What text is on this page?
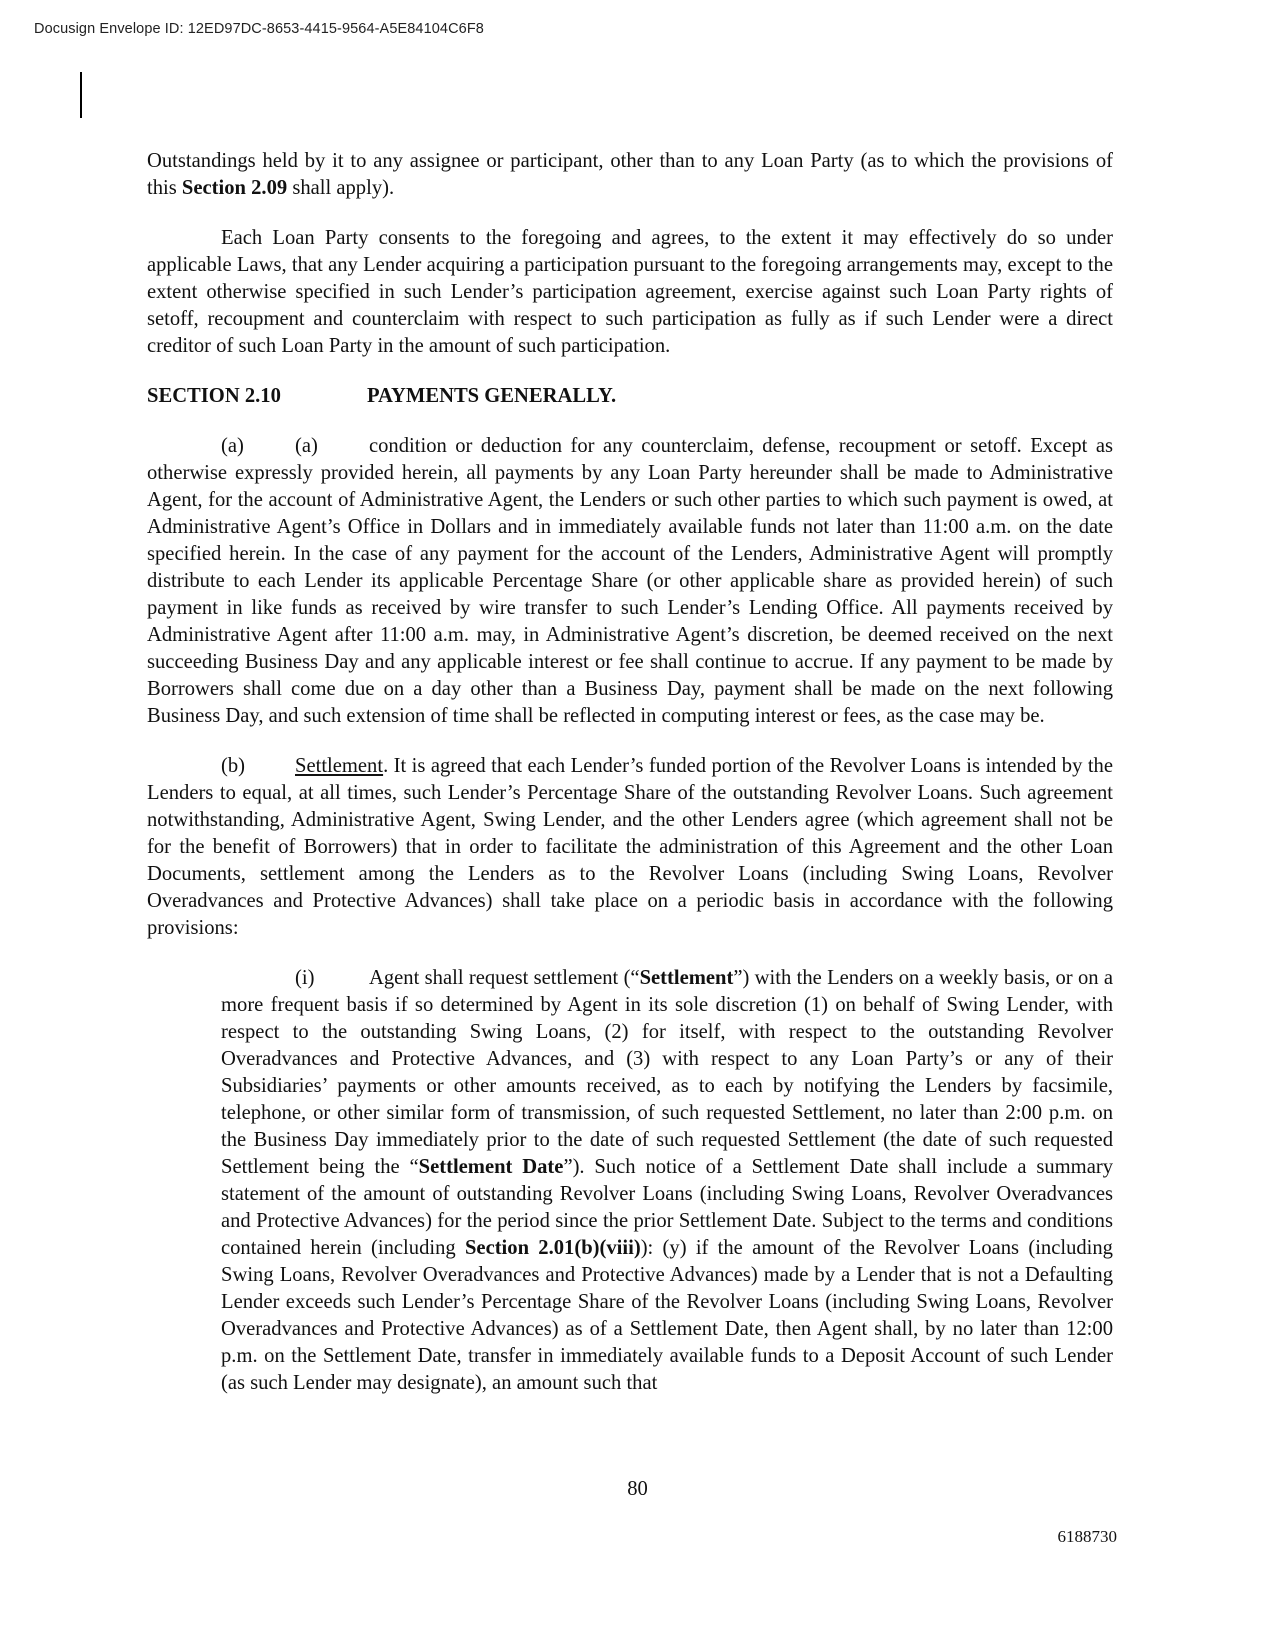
Docusign Envelope ID: 12ED97DC-8653-4415-9564-A5E84104C6F8

Outstandings held by it to any assignee or participant, other than to any Loan Party (as to which the provisions of this Section 2.09 shall apply).

Each Loan Party consents to the foregoing and agrees, to the extent it may effectively do so under applicable Laws, that any Lender acquiring a participation pursuant to the foregoing arrangements may, except to the extent otherwise specified in such Lender’s participation agreement, exercise against such Loan Party rights of setoff, recoupment and counterclaim with respect to such participation as fully as if such Lender were a direct creditor of such Loan Party in the amount of such participation.

SECTION 2.10	PAYMENTS GENERALLY.

(a) (a) condition or deduction for any counterclaim, defense, recoupment or setoff. Except as otherwise expressly provided herein, all payments by any Loan Party hereunder shall be made to Administrative Agent, for the account of Administrative Agent, the Lenders or such other parties to which such payment is owed, at Administrative Agent’s Office in Dollars and in immediately available funds not later than 11:00 a.m. on the date specified herein. In the case of any payment for the account of the Lenders, Administrative Agent will promptly distribute to each Lender its applicable Percentage Share (or other applicable share as provided herein) of such payment in like funds as received by wire transfer to such Lender’s Lending Office. All payments received by Administrative Agent after 11:00 a.m. may, in Administrative Agent’s discretion, be deemed received on the next succeeding Business Day and any applicable interest or fee shall continue to accrue. If any payment to be made by Borrowers shall come due on a day other than a Business Day, payment shall be made on the next following Business Day, and such extension of time shall be reflected in computing interest or fees, as the case may be.

(b) Settlement. It is agreed that each Lender’s funded portion of the Revolver Loans is intended by the Lenders to equal, at all times, such Lender’s Percentage Share of the outstanding Revolver Loans. Such agreement notwithstanding, Administrative Agent, Swing Lender, and the other Lenders agree (which agreement shall not be for the benefit of Borrowers) that in order to facilitate the administration of this Agreement and the other Loan Documents, settlement among the Lenders as to the Revolver Loans (including Swing Loans, Revolver Overadvances and Protective Advances) shall take place on a periodic basis in accordance with the following provisions:

(i)	Agent shall request settlement (“Settlement”) with the Lenders on a weekly basis, or on a more frequent basis if so determined by Agent in its sole discretion (1) on behalf of Swing Lender, with respect to the outstanding Swing Loans, (2) for itself, with respect to the outstanding Revolver Overadvances and Protective Advances, and (3) with respect to any Loan Party’s or any of their Subsidiaries’ payments or other amounts received, as to each by notifying the Lenders by facsimile, telephone, or other similar form of transmission, of such requested Settlement, no later than 2:00 p.m. on the Business Day immediately prior to the date of such requested Settlement (the date of such requested Settlement being the “Settlement Date”). Such notice of a Settlement Date shall include a summary statement of the amount of outstanding Revolver Loans (including Swing Loans, Revolver Overadvances and Protective Advances) for the period since the prior Settlement Date. Subject to the terms and conditions contained herein (including Section 2.01(b)(viii)): (y) if the amount of the Revolver Loans (including Swing Loans, Revolver Overadvances and Protective Advances) made by a Lender that is not a Defaulting Lender exceeds such Lender’s Percentage Share of the Revolver Loans (including Swing Loans, Revolver Overadvances and Protective Advances) as of a Settlement Date, then Agent shall, by no later than 12:00 p.m. on the Settlement Date, transfer in immediately available funds to a Deposit Account of such Lender (as such Lender may designate), an amount such that

80
6188730
